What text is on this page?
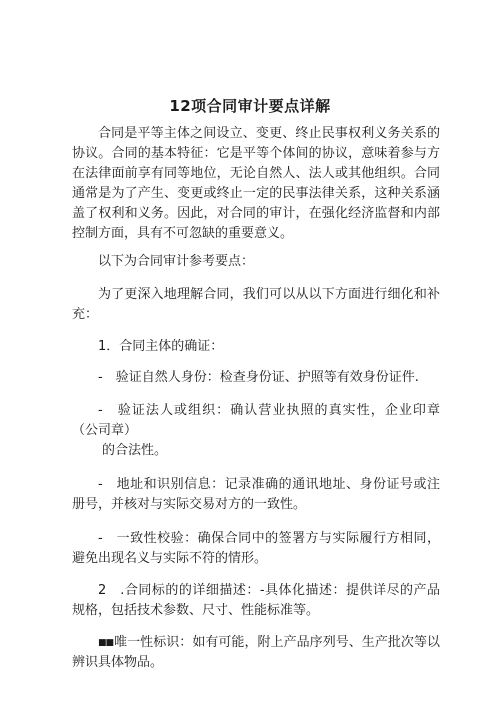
12项合同审计要点详解

合同是平等主体之间设立、变更、终止民事权利义务关系的协议。合同的基本特征：它是平等个体间的协议，意味着参与方在法律面前享有同等地位，无论自然人、法人或其他组织。合同通常是为了产生、变更或终止一定的民事法律关系，这种关系涵盖了权利和义务。因此，对合同的审计，在强化经济监督和内部控制方面，具有不可忽缺的重要意义。

以下为合同审计参考要点：

为了更深入地理解合同，我们可以从以下方面进行细化和补充：

1．合同主体的确证：

-　验证自然人身份：检查身份证、护照等有效身份证件.

-　验证法人或组织：确认营业执照的真实性，企业印章（公司章）
的合法性。

-　地址和识别信息：记录准确的通讯地址、身份证号或注册号，并核对与实际交易对方的一致性。

-　一致性校验：确保合同中的签署方与实际履行方相同，避免出现名义与实际不符的情形。

2　.合同标的的详细描述：-具体化描述：提供详尽的产品规格，包括技术参数、尺寸、性能标准等。

■■唯一性标识：如有可能，附上产品序列号、生产批次等以辨识具体物品。
